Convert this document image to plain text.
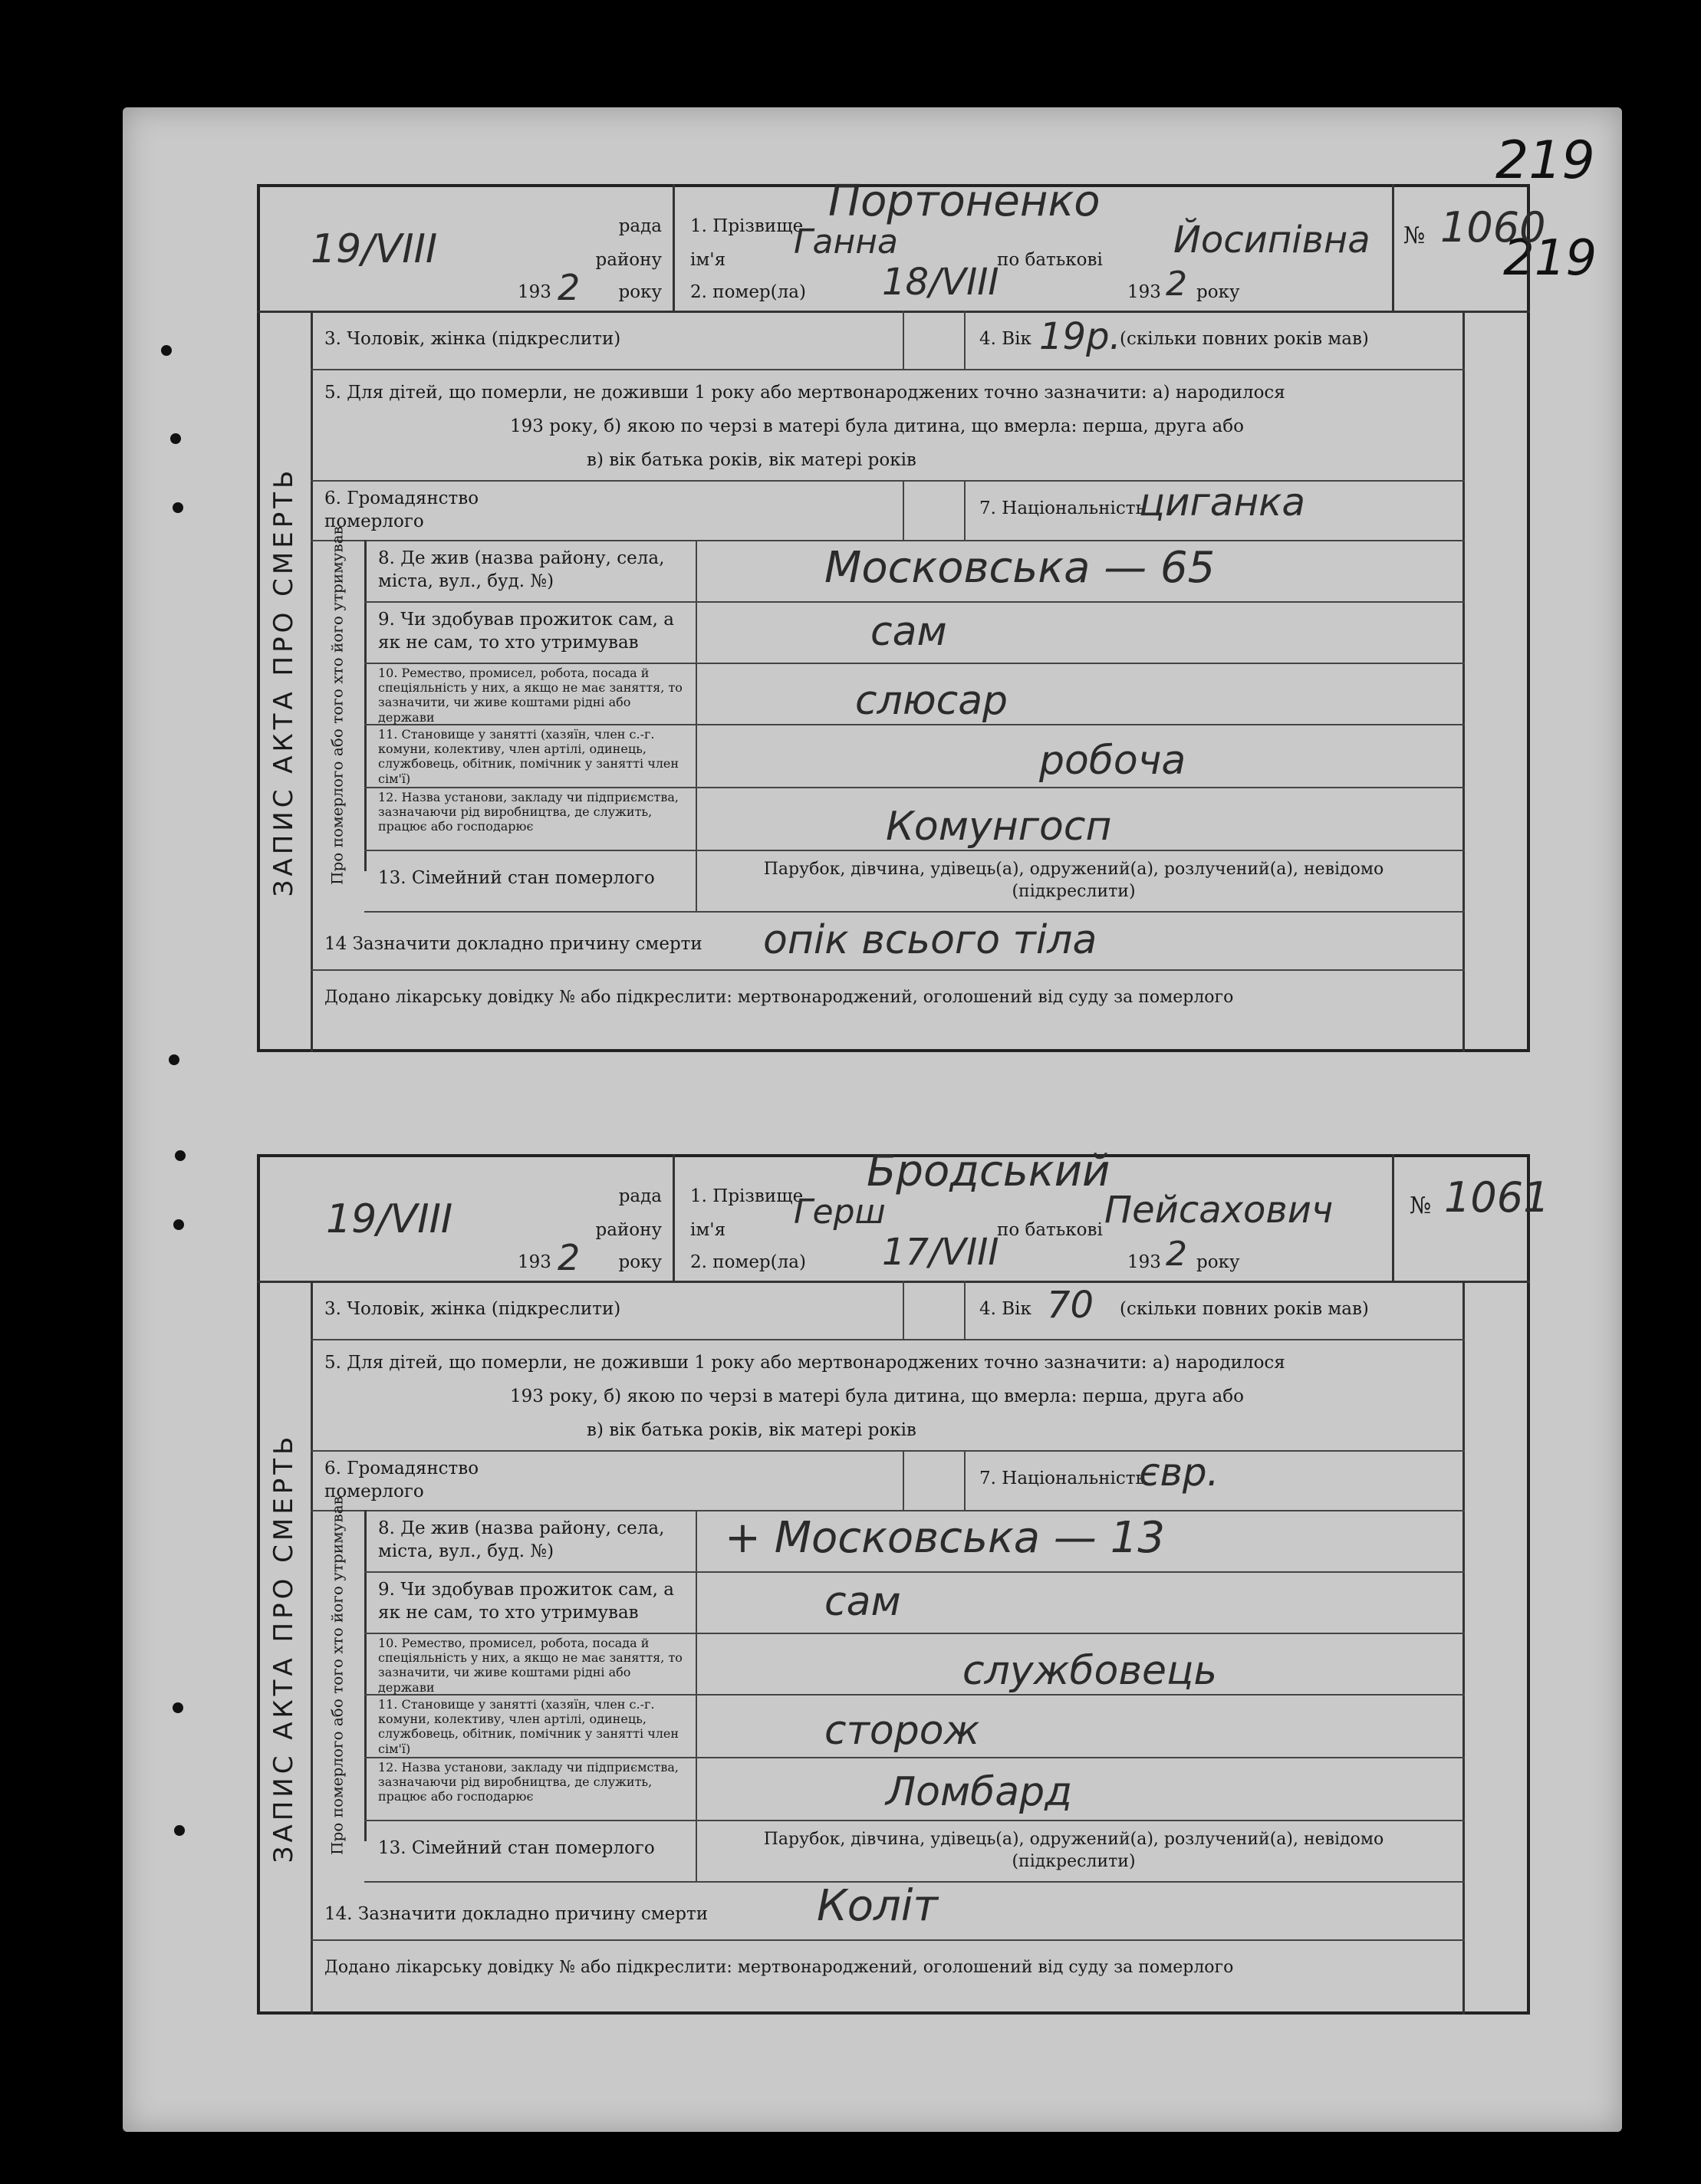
219
219
рада
району
19/VIII
193 2 року
1. Прізвище Портоненко
ім'я Ганна	по батькові Йосипівна
2. помер(ла) 18/VIII	193 2 року
№ 1060
ЗАПИС АКТА ПРО СМЕРТЬ
3. Чоловік, жінка (підкреслити)	4. Вік 19р.
(скільки повних років мав)
5. Для дітей, що померли, не доживши 1 року або мертвонароджених точно зазначити: а) народилося
193 року, б) якою по черзі в матері була дитина, що вмерла: перша, друга або
в) вік батька років, вік матері років
6. Громадянство померлого
7. Національність
циганка
Про померлого або того хто його утримував 8. Де жив (назва району, села, міста, вул., буд. №)	Московська — 65
9. Чи здобував прожиток сам, а як не сам, то хто утримував	сам
10. Ремество, промисел, робота, посада й спеціяльність у них, а якщо не має заняття, то зазначити, чи живе коштами рідні або держави	слюсар
11. Становище у занятті (хазяїн, член с.-г. комуни, колективу, член артілі, одинець, службовець, обітник, помічник у занятті член сім'ї)	робоча
12. Назва установи, закладу чи підприємства, зазначаючи рід виробництва, де служить, працює або господарює	Комунгосп
13. Сімейний стан померлого	Парубок, дівчина, удівець(а), одружений(а), розлучений(а), невідомо (підкреслити)
14 Зазначити докладно причину смерти опік всього тіла
Додано лікарську довідку № або підкреслити: мертвонароджений, оголошений від суду за померлого
рада
району
19/VIII
193 2 року
1. Прізвище Бродський
ім'я Герш	по батькові Пейсахович
2. помер(ла) 17/VIII	193 2 року
№ 1061
ЗАПИС АКТА ПРО СМЕРТЬ
3. Чоловік, жінка (підкреслити)	4. Вік 70 (скільки повних років мав)
5. Для дітей, що померли, не доживши 1 року або мертвонароджених точно зазначити: а) народилося
193 року, б) якою по черзі в матері була дитина, що вмерла: перша, друга або
в) вік батька років, вік матері років
6. Громадянство померлого
7. Національність
євр.
Про померлого або того хто його утримував 8. Де жив (назва району, села, міста, вул., буд. №)	+ Московська — 13
9. Чи здобував прожиток сам, а як не сам, то хто утримував	сам
10. Ремество, промисел, робота, посада й спеціяльність у них, а якщо не має заняття, то зазначити, чи живе коштами рідні або держави	службовець
11. Становище у занятті (хазяїн, член с.-г. комуни, колективу, член артілі, одинець, службовець, обітник, помічник у занятті член сім'ї)	сторож
12. Назва установи, закладу чи підприємства, зазначаючи рід виробництва, де служить, працює або господарює	Ломбард
13. Сімейний стан померлого	Парубок, дівчина, удівець(а), одружений(а), розлучений(а), невідомо (підкреслити)
14. Зазначити докладно причину смерти	Коліт
Додано лікарську довідку № або підкреслити: мертвонароджений, оголошений від суду за померлого
